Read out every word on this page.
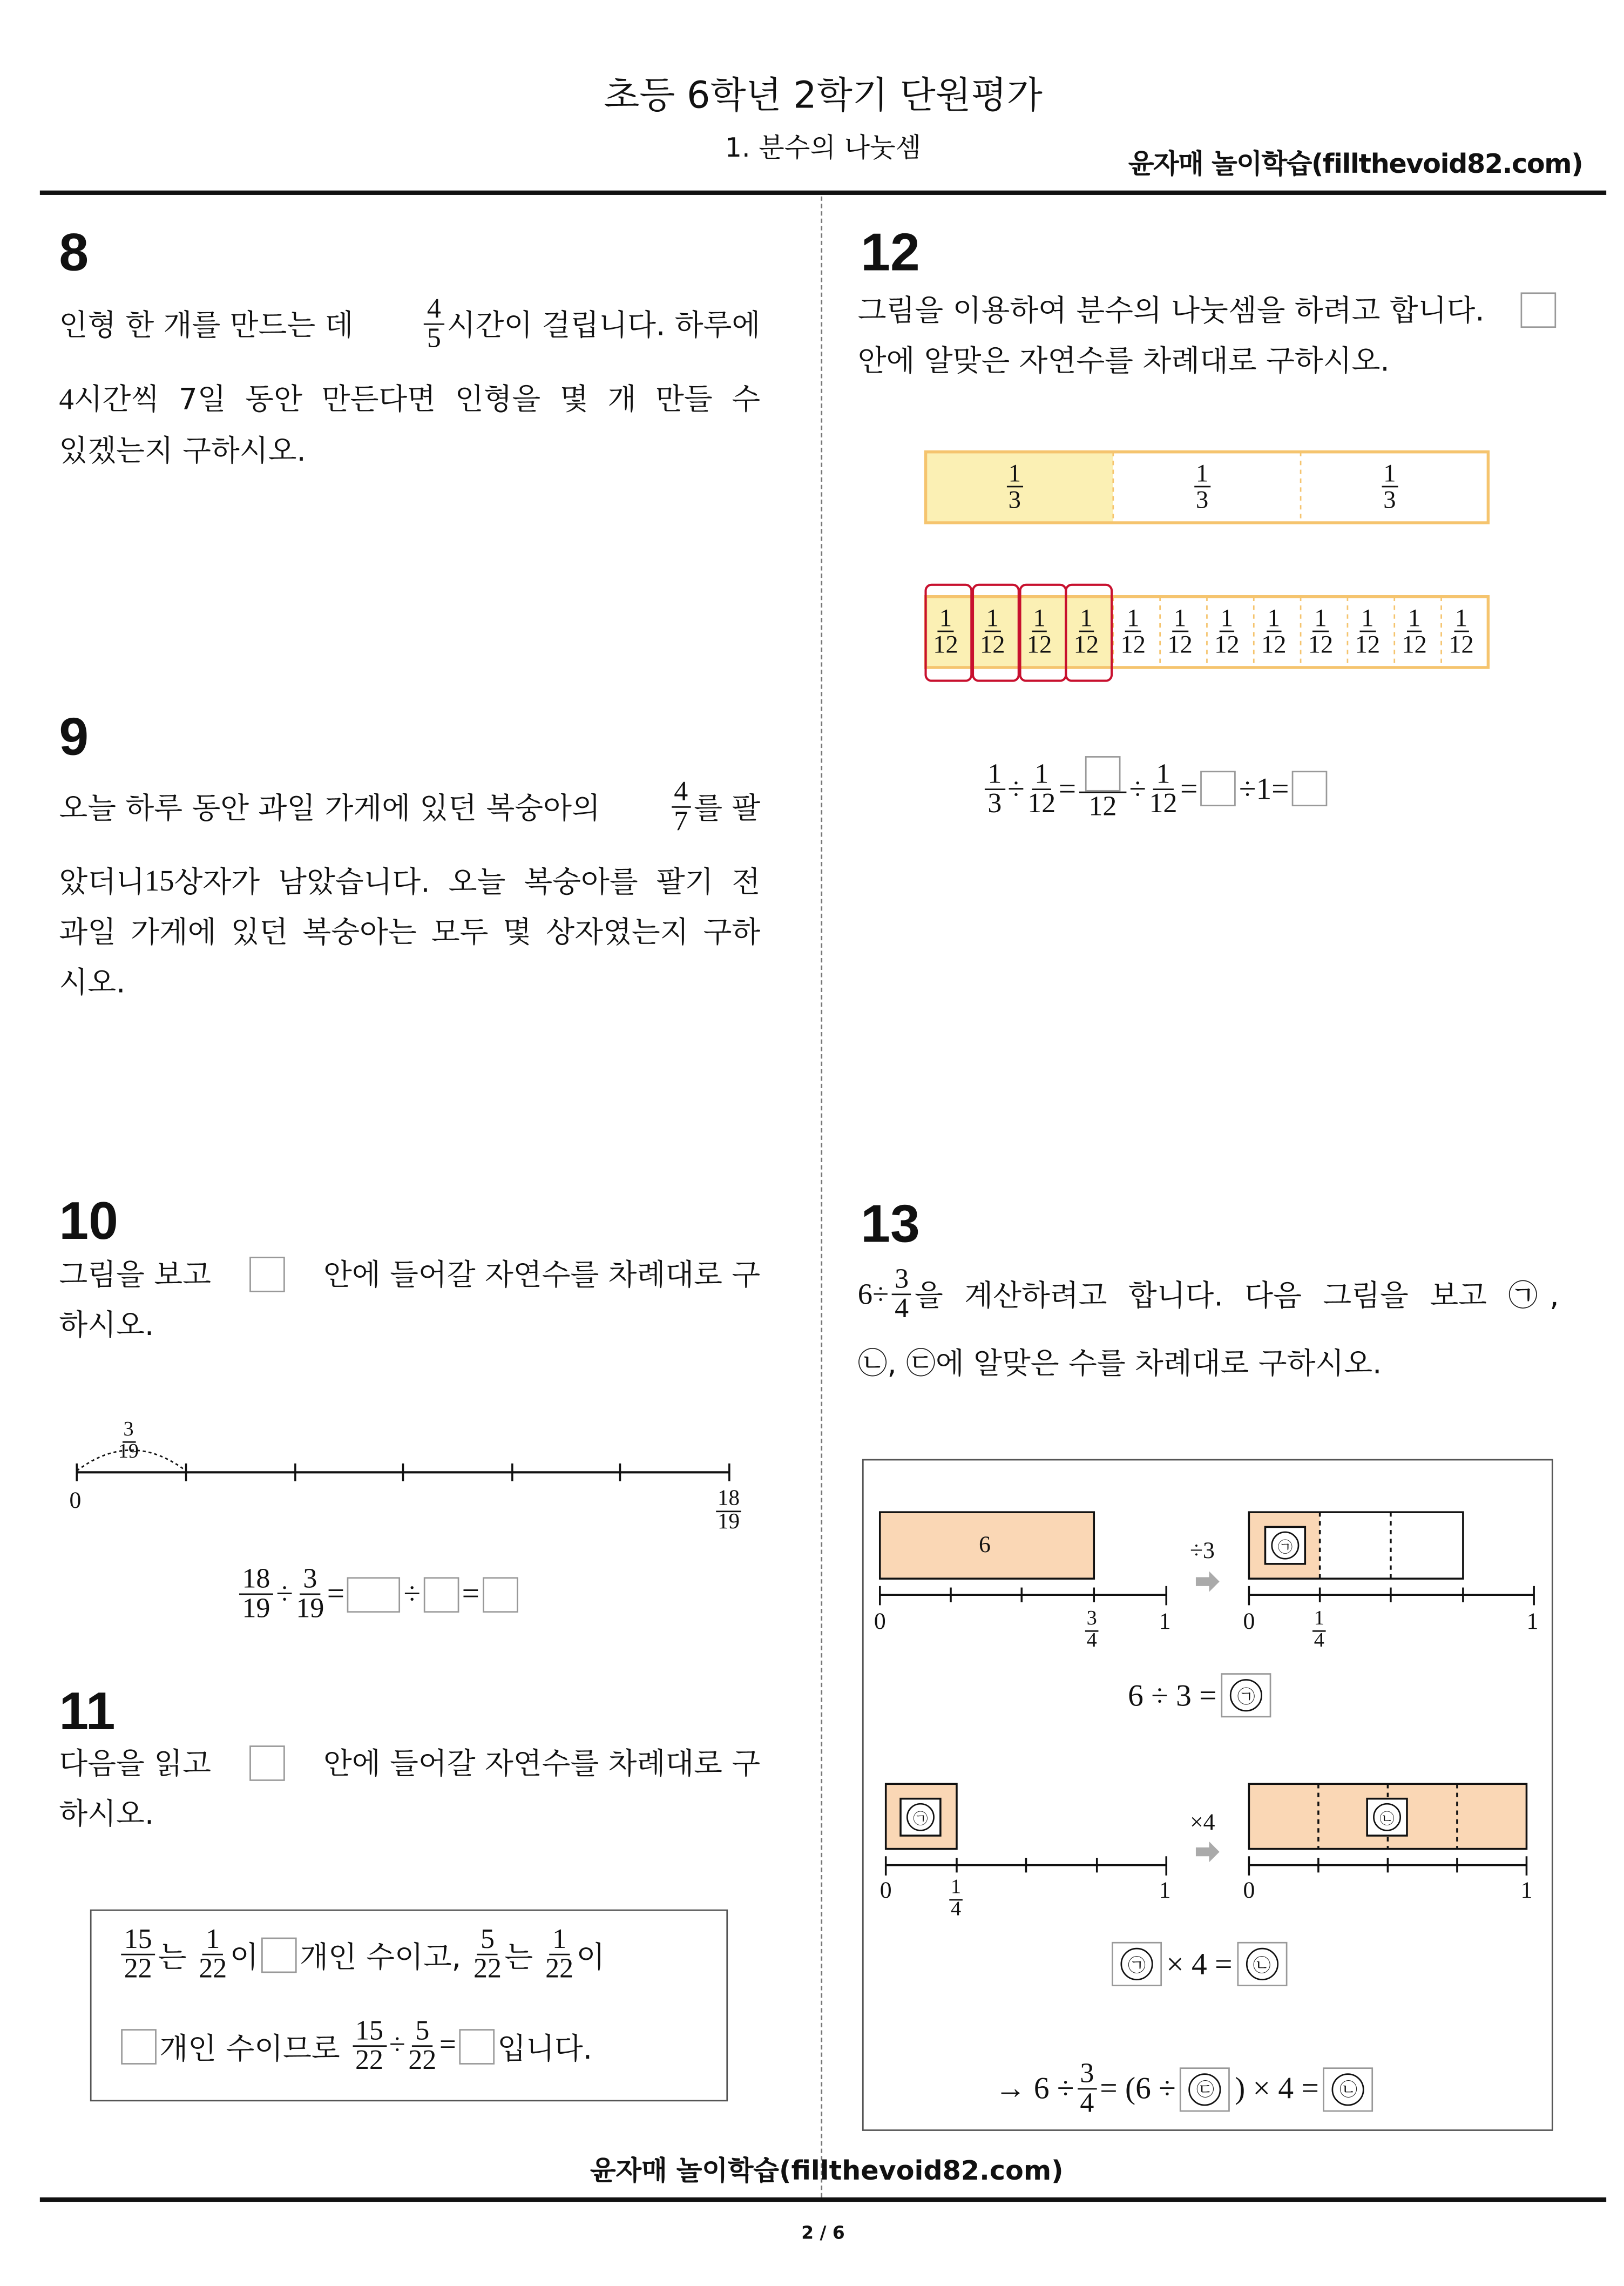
초등 6학년 2학기 단원평가
1. 분수의 나눗셈
윤자매 놀이학습(fillthevoid82.com)
8
인형 한 개를 만드는 데	$\frac{4}{5}$ 시간이 걸립니다. 하루에
4 시간씩 7일 동안 만든다면 인형을 몇 개 만들 수
있겠는지 구하시오.
9
오늘 하루 동안 과일 가게에 있던 복숭아의	$\frac{4}{7}$ 를 팔
았더니 15 상자가 남았습니다. 오늘 복숭아를 팔기 전
과일 가게에 있던 복숭아는 모두 몇 상자였는지 구하
시오.
10
그림을 보고	안에 들어갈 자연수를 차례대로 구
하시오.
3
19
0	18
19
$\frac{18}{19} \div \frac{3}{19}$ =	÷	=
11
다음을 읽고	안에 들어갈 자연수를 차례대로 구
하시오.
$\frac{15}{22}$ 는
$\frac{1}{22}$ 이	개인 수이고,
$\frac{5}{22}$ 는
$\frac{1}{22}$ 이
개인 수이므로
$\frac{15}{22} \div \frac{5}{22}$ =	입니다.
12
그림을 이용하여 분수의 나눗셈을 하려고 합니다.
안에 알맞은 자연수를 차례대로 구하시오.
$\frac{1}{3} \div \frac{1}{12}$ =
12
÷ $\frac{1}{12}$ =	÷ 1 =
13
$6 \div \frac{3}{4}$ 을 계산하려고 합니다. 다음 그림을 보고 ㉠,
㉡, ㉢에 알맞은 수를 차례대로 구하시오.
6	÷3
×4
㉠
㉠	㉡
0	3
4
1	0	1
4
1
0	1
4
1	0	1
6 ÷ 3 =	㉠
㉠	× 4 =	㉡
→
$6 \div \frac{3}{4} = (6$ ÷	㉢	) × 4 =	㉡
윤자매 놀이학습(fillthevoid82.com)
2 / 6
1
3
1
3
1
3
1
12
1
12
1
12
1
12
1
12
1
12
1
12
1
12
1
12
1
12
1
12
1
12
